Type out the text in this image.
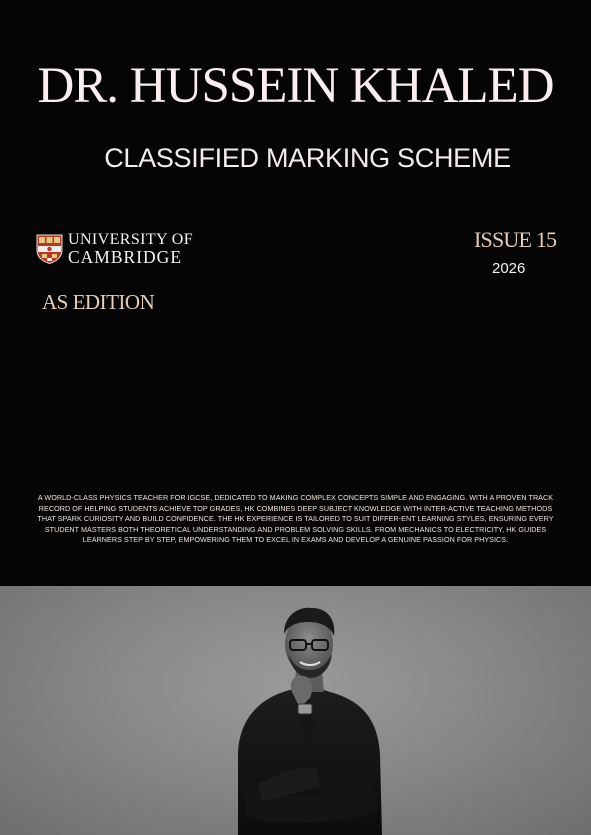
DR. HUSSEIN KHALED
CLASSIFIED MARKING SCHEME
UNIVERSITY OF
CAMBRIDGE
AS EDITION
ISSUE 15
2026
A WORLD-CLASS PHYSICS TEACHER FOR IGCSE, DEDICATED TO MAKING COMPLEX CONCEPTS SIMPLE AND ENGAGING. WITH A PROVEN TRACK RECORD OF HELPING STUDENTS ACHIEVE TOP GRADES, HK COMBINES DEEP SUBJECT KNOWLEDGE WITH INTER-ACTIVE TEACHING METHODS THAT SPARK CURIOSITY AND BUILD CONFIDENCE. THE HK EXPERIENCE IS TAILORED TO SUIT DIFFER-ENT LEARNING STYLES, ENSURING EVERY STUDENT MASTERS BOTH THEORETICAL UNDERSTANDING AND PROBLEM SOLVING SKILLS. FROM MECHANICS TO ELECTRICITY, HK GUIDES LEARNERS STEP BY STEP, EMPOWERING THEM TO EXCEL IN EXAMS AND DEVELOP A GENUINE PASSION FOR PHYSICS.
